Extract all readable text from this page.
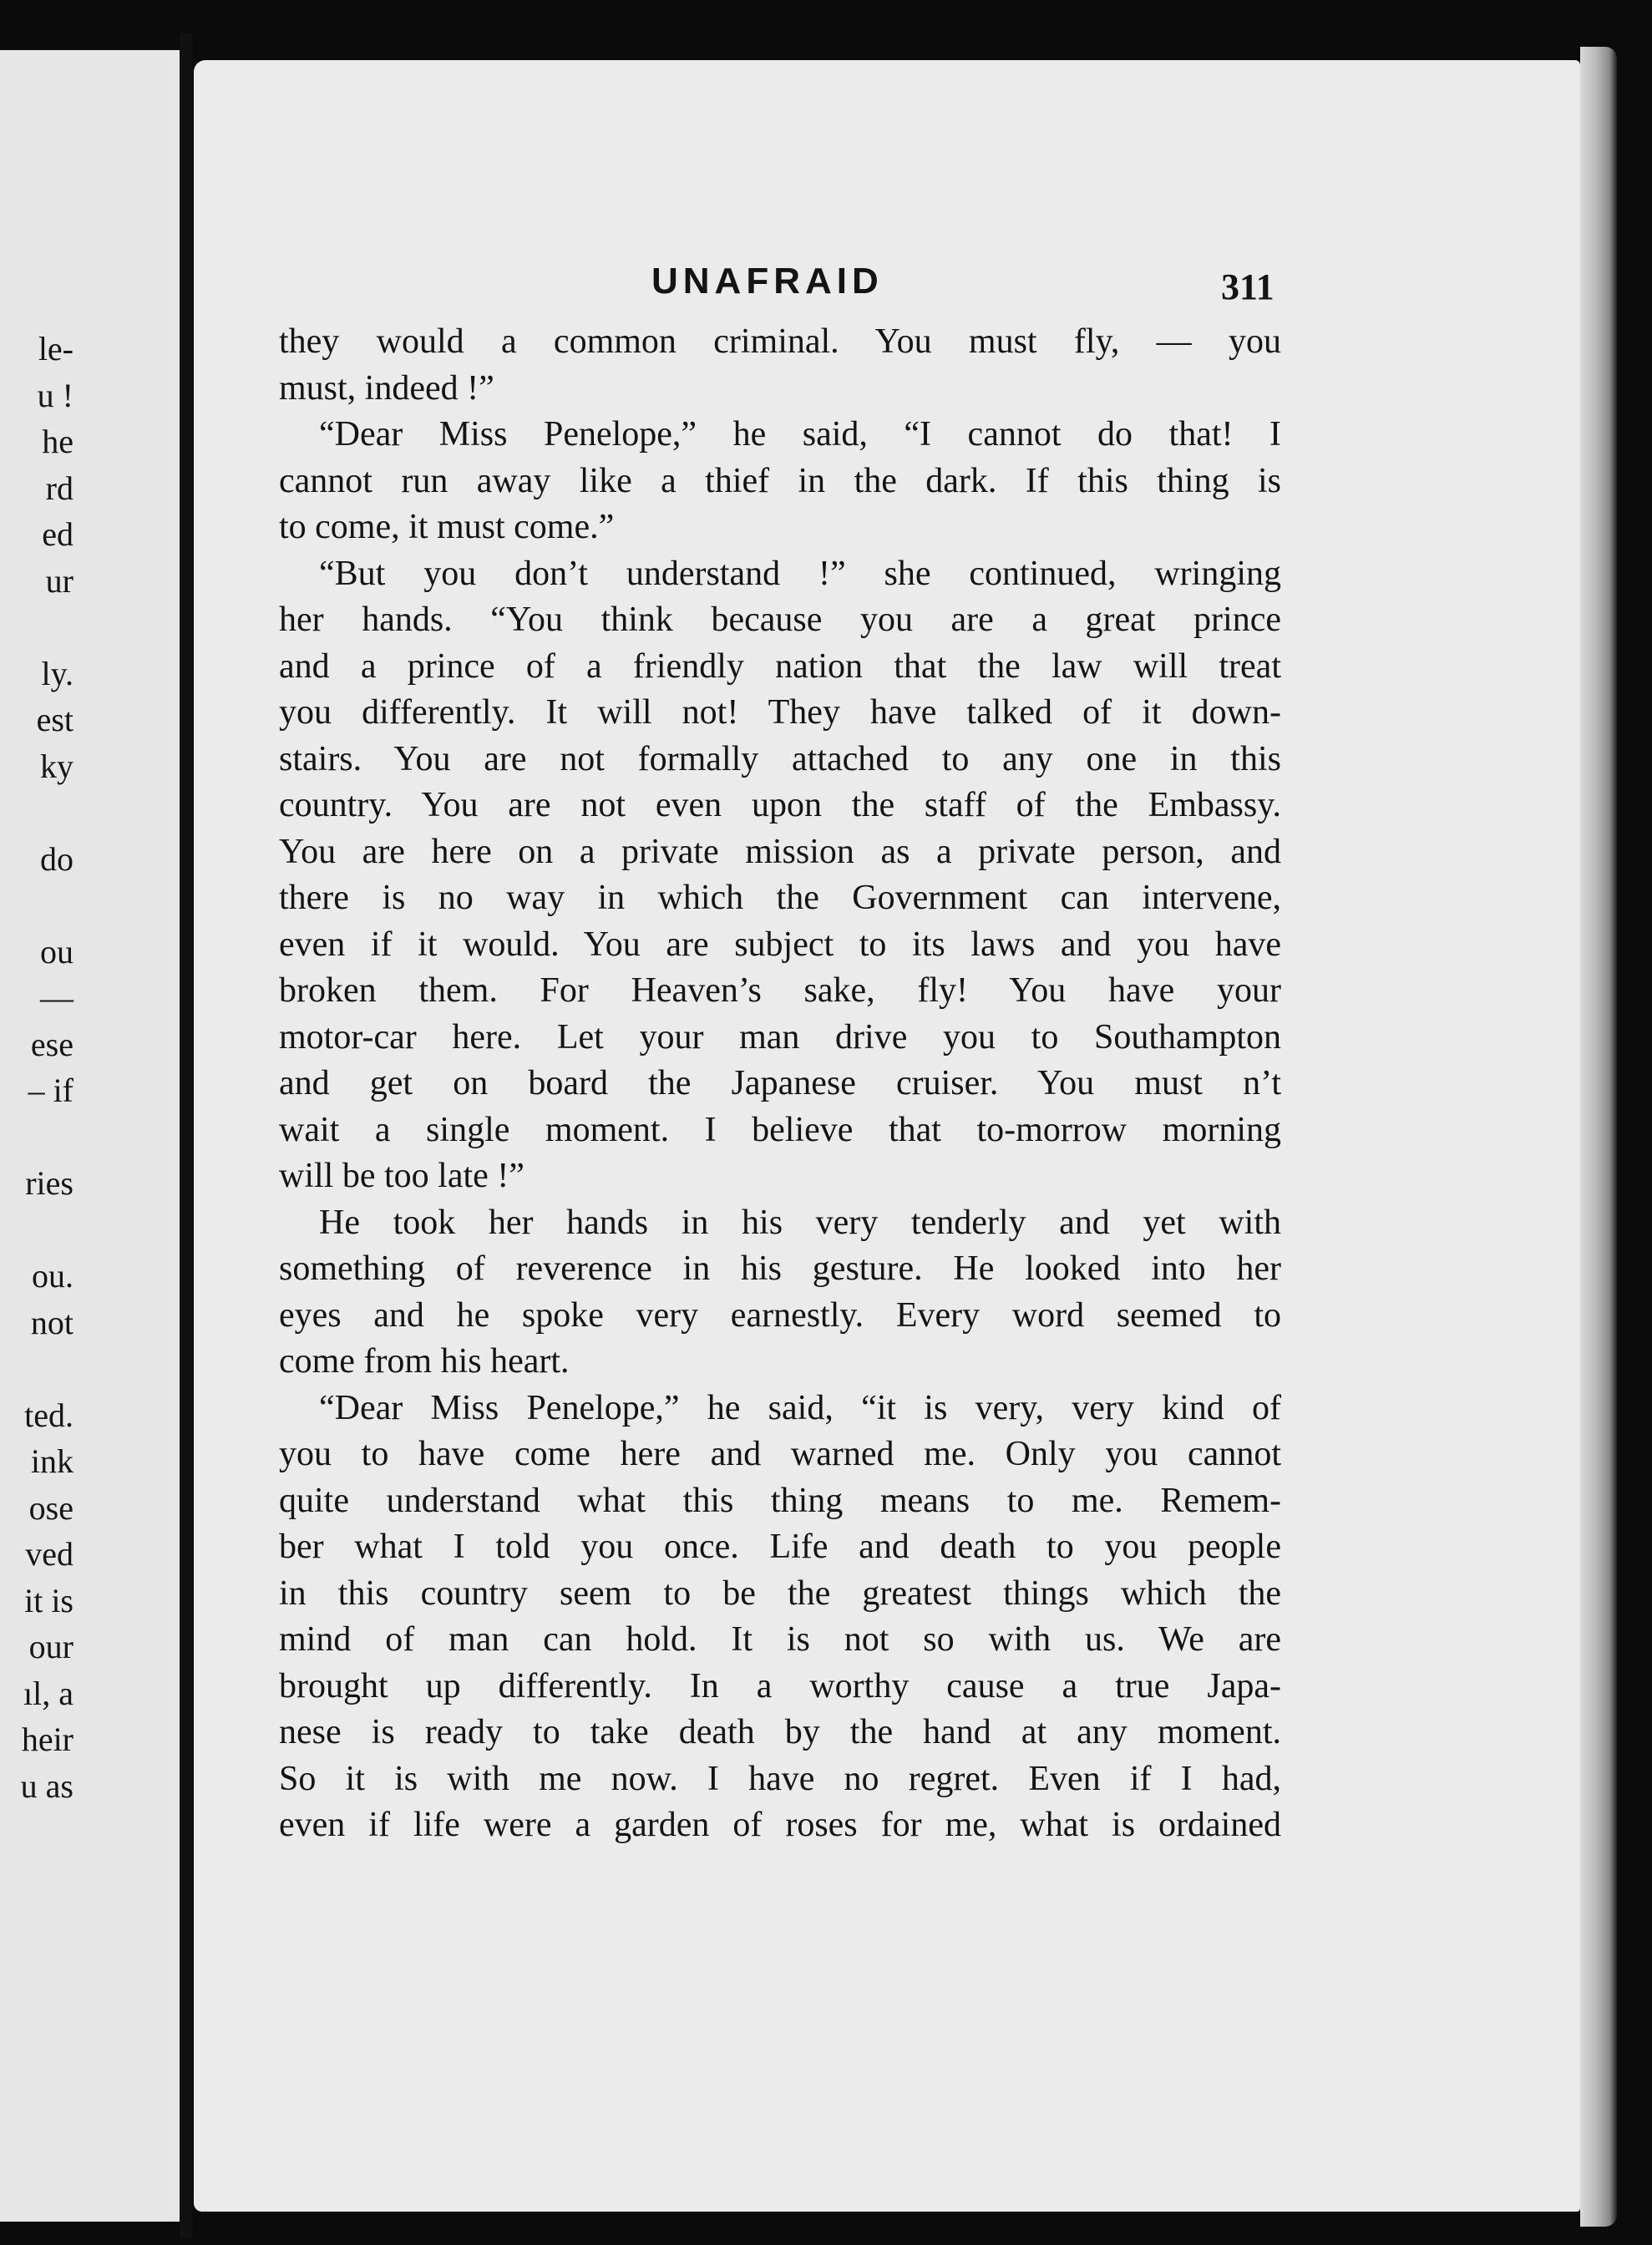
le-
u !
he
rd
ed
ur
ly.
est
ky
do
ou
—
ese
– if
ries
ou.
not
ted.
ink
ose
ved
it is
our
ıl, a
heir
u as
UNAFRAID	311
they would a common criminal. You must fly, — you
must, indeed !”
“Dear Miss Penelope,” he said, “I cannot do that! I
cannot run away like a thief in the dark. If this thing is
to come, it must come.”
“But you don’t understand !” she continued, wringing
her hands. “You think because you are a great prince
and a prince of a friendly nation that the law will treat
you differently. It will not! They have talked of it down-
stairs. You are not formally attached to any one in this
country. You are not even upon the staff of the Embassy.
You are here on a private mission as a private person, and
there is no way in which the Government can intervene,
even if it would. You are subject to its laws and you have
broken them. For Heaven’s sake, fly! You have your
motor-car here. Let your man drive you to Southampton
and get on board the Japanese cruiser. You must n’t
wait a single moment. I believe that to-morrow morning
will be too late !”
He took her hands in his very tenderly and yet with
something of reverence in his gesture. He looked into her
eyes and he spoke very earnestly. Every word seemed to
come from his heart.
“Dear Miss Penelope,” he said, “it is very, very kind of
you to have come here and warned me. Only you cannot
quite understand what this thing means to me. Remem-
ber what I told you once. Life and death to you people
in this country seem to be the greatest things which the
mind of man can hold. It is not so with us. We are
brought up differently. In a worthy cause a true Japa-
nese is ready to take death by the hand at any moment.
So it is with me now. I have no regret. Even if I had,
even if life were a garden of roses for me, what is ordained
